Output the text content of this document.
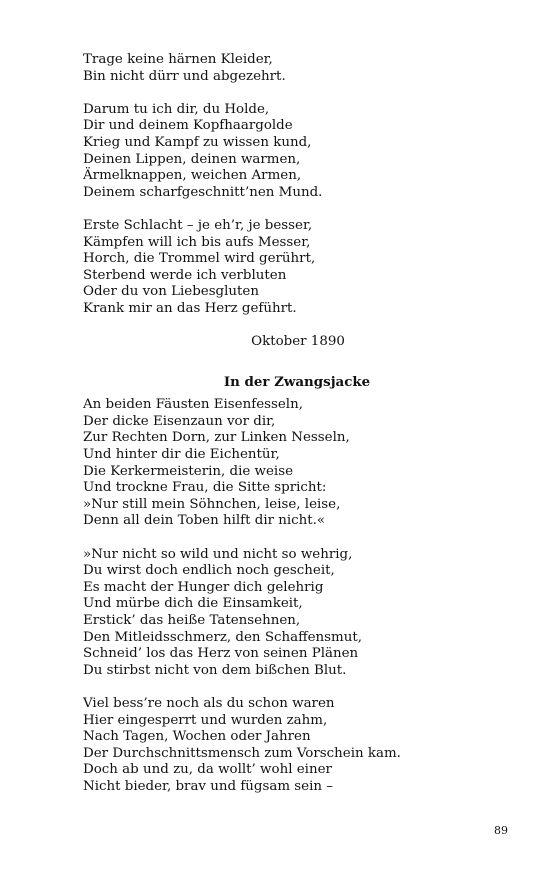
Trage keine härnen Kleider,
Bin nicht dürr und abgezehrt.
Darum tu ich dir, du Holde,
Dir und deinem Kopfhaargolde
Krieg und Kampf zu wissen kund,
Deinen Lippen, deinen warmen,
Ärmelknappen, weichen Armen,
Deinem scharfgeschnitt’nen Mund.
Erste Schlacht – je eh’r, je besser,
Kämpfen will ich bis aufs Messer,
Horch, die Trommel wird gerührt,
Sterbend werde ich verbluten
Oder du von Liebesgluten
Krank mir an das Herz geführt.
Oktober 1890
In der Zwangsjacke
An beiden Fäusten Eisenfesseln,
Der dicke Eisenzaun vor dir,
Zur Rechten Dorn, zur Linken Nesseln,
Und hinter dir die Eichentür,
Die Kerkermeisterin, die weise
Und trockne Frau, die Sitte spricht:
»Nur still mein Söhnchen, leise, leise,
Denn all dein Toben hilft dir nicht.«
»Nur nicht so wild und nicht so wehrig,
Du wirst doch endlich noch gescheit,
Es macht der Hunger dich gelehrig
Und mürbe dich die Einsamkeit,
Erstick’ das heiße Tatensehnen,
Den Mitleidsschmerz, den Schaffensmut,
Schneid’ los das Herz von seinen Plänen
Du stirbst nicht von dem bißchen Blut.
Viel bess’re noch als du schon waren
Hier eingesperrt und wurden zahm,
Nach Tagen, Wochen oder Jahren
Der Durchschnittsmensch zum Vorschein kam.
Doch ab und zu, da wollt’ wohl einer
Nicht bieder, brav und fügsam sein –
89
